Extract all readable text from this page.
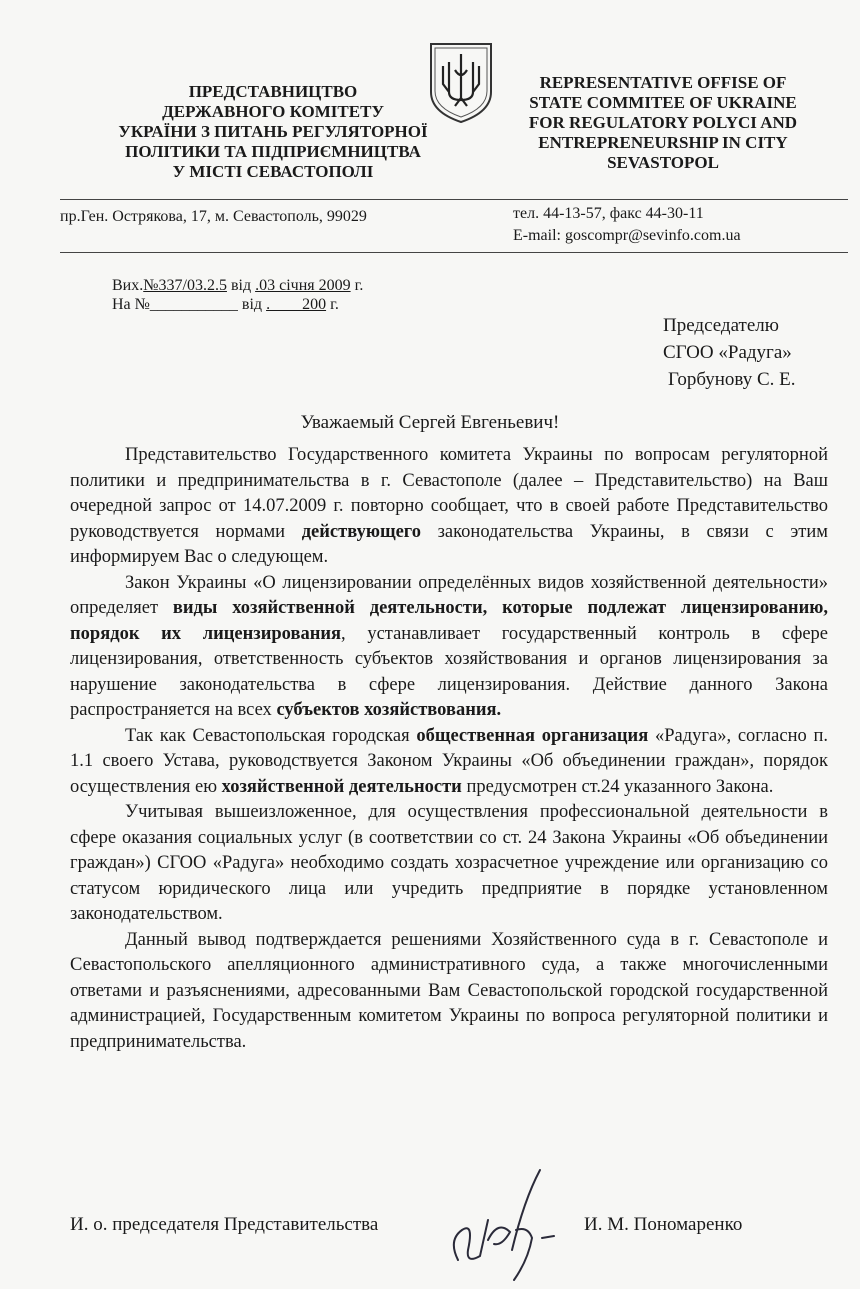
ПРЕДСТАВНИЦТВО
ДЕРЖАВНОГО КОМІТЕТУ
УКРАЇНИ З ПИТАНЬ РЕГУЛЯТОРНОЇ
ПОЛІТИКИ ТА ПІДПРИЄМНИЦТВА
У МІСТІ СЕВАСТОПОЛІ
REPRESENTATIVE OFFISE OF
STATE COMMITEE OF UKRAINE
FOR REGULATORY POLYCI AND
ENTREPRENEURSHIP IN CITY
SEVASTOPOL
пр.Ген. Острякова, 17, м. Севастополь, 99029	тел. 44-13-57, факс 44-30-11
E-mail: goscompr@sevinfo.com.ua
Вих.№337/03.2.5 від .03 січня 2009 г.
На №___________ від .        200 г.
Председателю
СГОО «Радуга»
Горбунову С. Е.
Уважаемый Сергей Евгеньевич!

Представительство Государственного комитета Украины по вопросам регуляторной политики и предпринимательства в г. Севастополе (далее – Представительство) на Ваш очередной запрос от 14.07.2009 г. повторно сообщает, что в своей работе Представительство руководствуется нормами действующего законодательства Украины, в связи с этим информируем Вас о следующем.

Закон Украины «О лицензировании определённых видов хозяйственной деятельности» определяет виды хозяйственной деятельности, которые подлежат лицензированию, порядок их лицензирования, устанавливает государственный контроль в сфере лицензирования, ответственность субъектов хозяйствования и органов лицензирования за нарушение законодательства в сфере лицензирования. Действие данного Закона распространяется на всех субъектов хозяйствования.

Так как Севастопольская городская общественная организация «Радуга», согласно п. 1.1 своего Устава, руководствуется Законом Украины «Об объединении граждан», порядок осуществления ею хозяйственной деятельности предусмотрен ст.24 указанного Закона.

Учитывая вышеизложенное, для осуществления профессиональной деятельности в сфере оказания социальных услуг (в соответствии со ст. 24 Закона Украины «Об объединении граждан») СГОО «Радуга» необходимо создать хозрасчетное учреждение или организацию со статусом юридического лица или учредить предприятие в порядке установленном законодательством.

Данный вывод подтверждается решениями Хозяйственного суда в г. Севастополе и Севастопольского апелляционного административного суда, а также многочисленными ответами и разъяснениями, адресованными Вам Севастопольской городской государственной администрацией, Государственным комитетом Украины по вопроса регуляторной политики и предпринимательства.

И. о. председателя Представительства	И. М. Пономаренко
